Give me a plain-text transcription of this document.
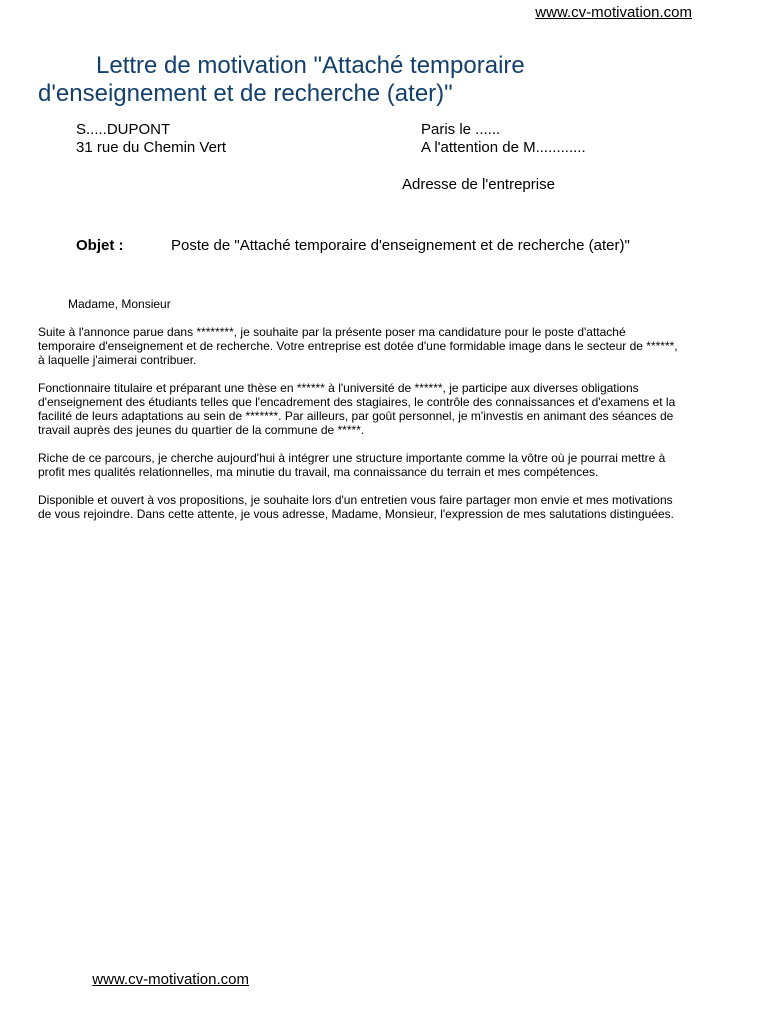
www.cv-motivation.com
Lettre de motivation "Attaché temporaire
d'enseignement et de recherche (ater)"
S.....DUPONT
31 rue du Chemin Vert
Paris le ......
A l'attention de M............
Adresse de l'entreprise
Objet :	Poste de "Attaché temporaire d'enseignement et de recherche (ater)"
Madame, Monsieur

Suite à l'annonce parue dans ********, je souhaite par la présente poser ma candidature pour le poste d'attaché
temporaire d'enseignement et de recherche. Votre entreprise est dotée d'une formidable image dans le secteur de ******,
à laquelle j'aimerai contribuer.

Fonctionnaire titulaire et préparant une thèse en ****** à l'université de ******, je participe aux diverses obligations
d'enseignement des étudiants telles que l'encadrement des stagiaires, le contrôle des connaissances et d'examens et la
facilité de leurs adaptations au sein de *******. Par ailleurs, par goût personnel, je m'investis en animant des séances de
travail auprès des jeunes du quartier de la commune de *****.

Riche de ce parcours, je cherche aujourd'hui à intégrer une structure importante comme la vôtre où je pourrai mettre à
profit mes qualités relationnelles, ma minutie du travail, ma connaissance du terrain et mes compétences.

Disponible et ouvert à vos propositions, je souhaite lors d'un entretien vous faire partager mon envie et mes motivations
de vous rejoindre. Dans cette attente, je vous adresse, Madame, Monsieur, l'expression de mes salutations distinguées.

www.cv-motivation.com
